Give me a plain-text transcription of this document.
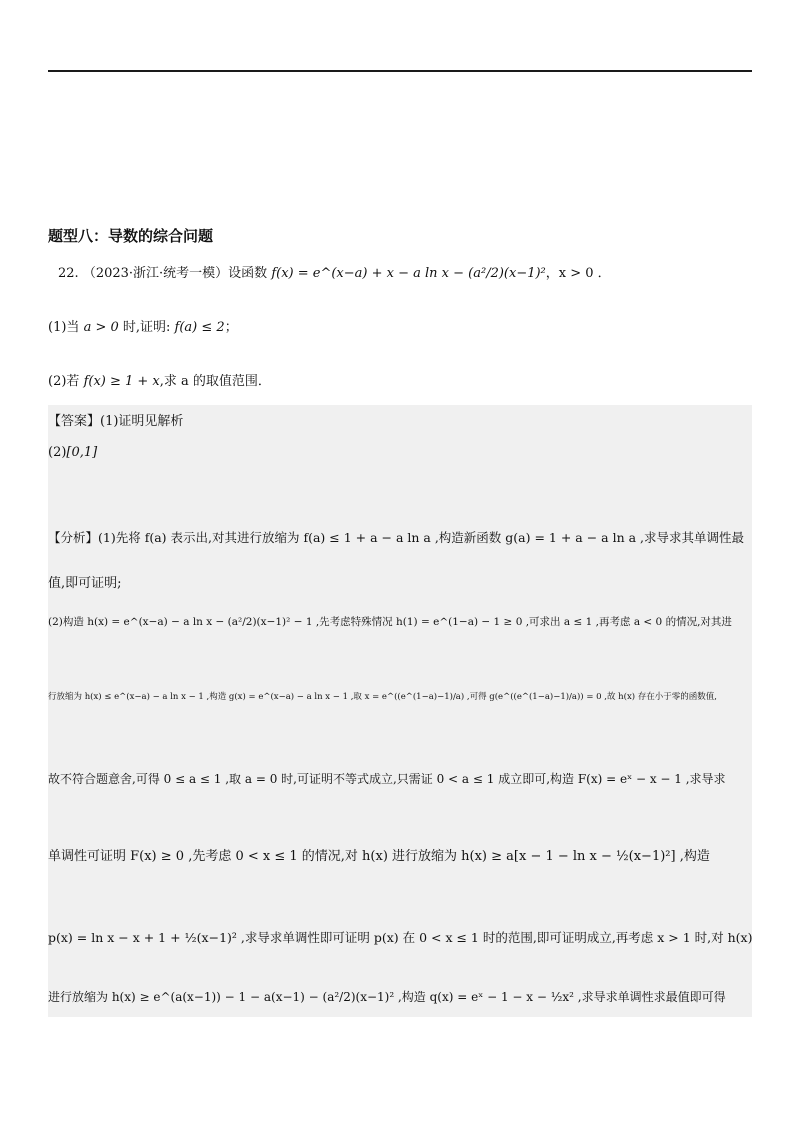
题型八：导数的综合问题
22. （2023·浙江·统考一模）设函数 f(x) = e^(x−a) + x − a ln x − (a²/2)(x−1)²，x > 0 ．
(1)当 a > 0 时,证明: f(a) ≤ 2；
(2)若 f(x) ≥ 1 + x,求 a 的取值范围．
【答案】(1)证明见解析
(2)[0,1]
【分析】(1)先将 f(a) 表示出,对其进行放缩为 f(a) ≤ 1 + a − a ln a ,构造新函数 g(a) = 1 + a − a ln a ,求导求其单调性最
值,即可证明;
(2)构造 h(x) = e^(x−a) − a ln x − (a²/2)(x−1)² − 1 ,先考虑特殊情况 h(1) = e^(1−a) − 1 ≥ 0 ,可求出 a ≤ 1 ,再考虑 a < 0 的情况,对其进
行放缩为 h(x) ≤ e^(x−a) − a ln x − 1 ,构造 g(x) = e^(x−a) − a ln x − 1 ,取 x = e^((e^(1−a)−1)/a) ,可得 g(e^((e^(1−a)−1)/a)) = 0 ,故 h(x) 存在小于零的函数值,
故不符合题意舍,可得 0 ≤ a ≤ 1 ,取 a = 0 时,可证明不等式成立,只需证 0 < a ≤ 1 成立即可,构造 F(x) = eˣ − x − 1 ,求导求
单调性可证明 F(x) ≥ 0 ,先考虑 0 < x ≤ 1 的情况,对 h(x) 进行放缩为 h(x) ≥ a[x − 1 − ln x − ½(x−1)²] ,构造
p(x) = ln x − x + 1 + ½(x−1)² ,求导求单调性即可证明 p(x) 在 0 < x ≤ 1 时的范围,即可证明成立,再考虑 x > 1 时,对 h(x)
进行放缩为 h(x) ≥ e^(a(x−1)) − 1 − a(x−1) − (a²/2)(x−1)² ,构造 q(x) = eˣ − 1 − x − ½x² ,求导求单调性求最值即可得
